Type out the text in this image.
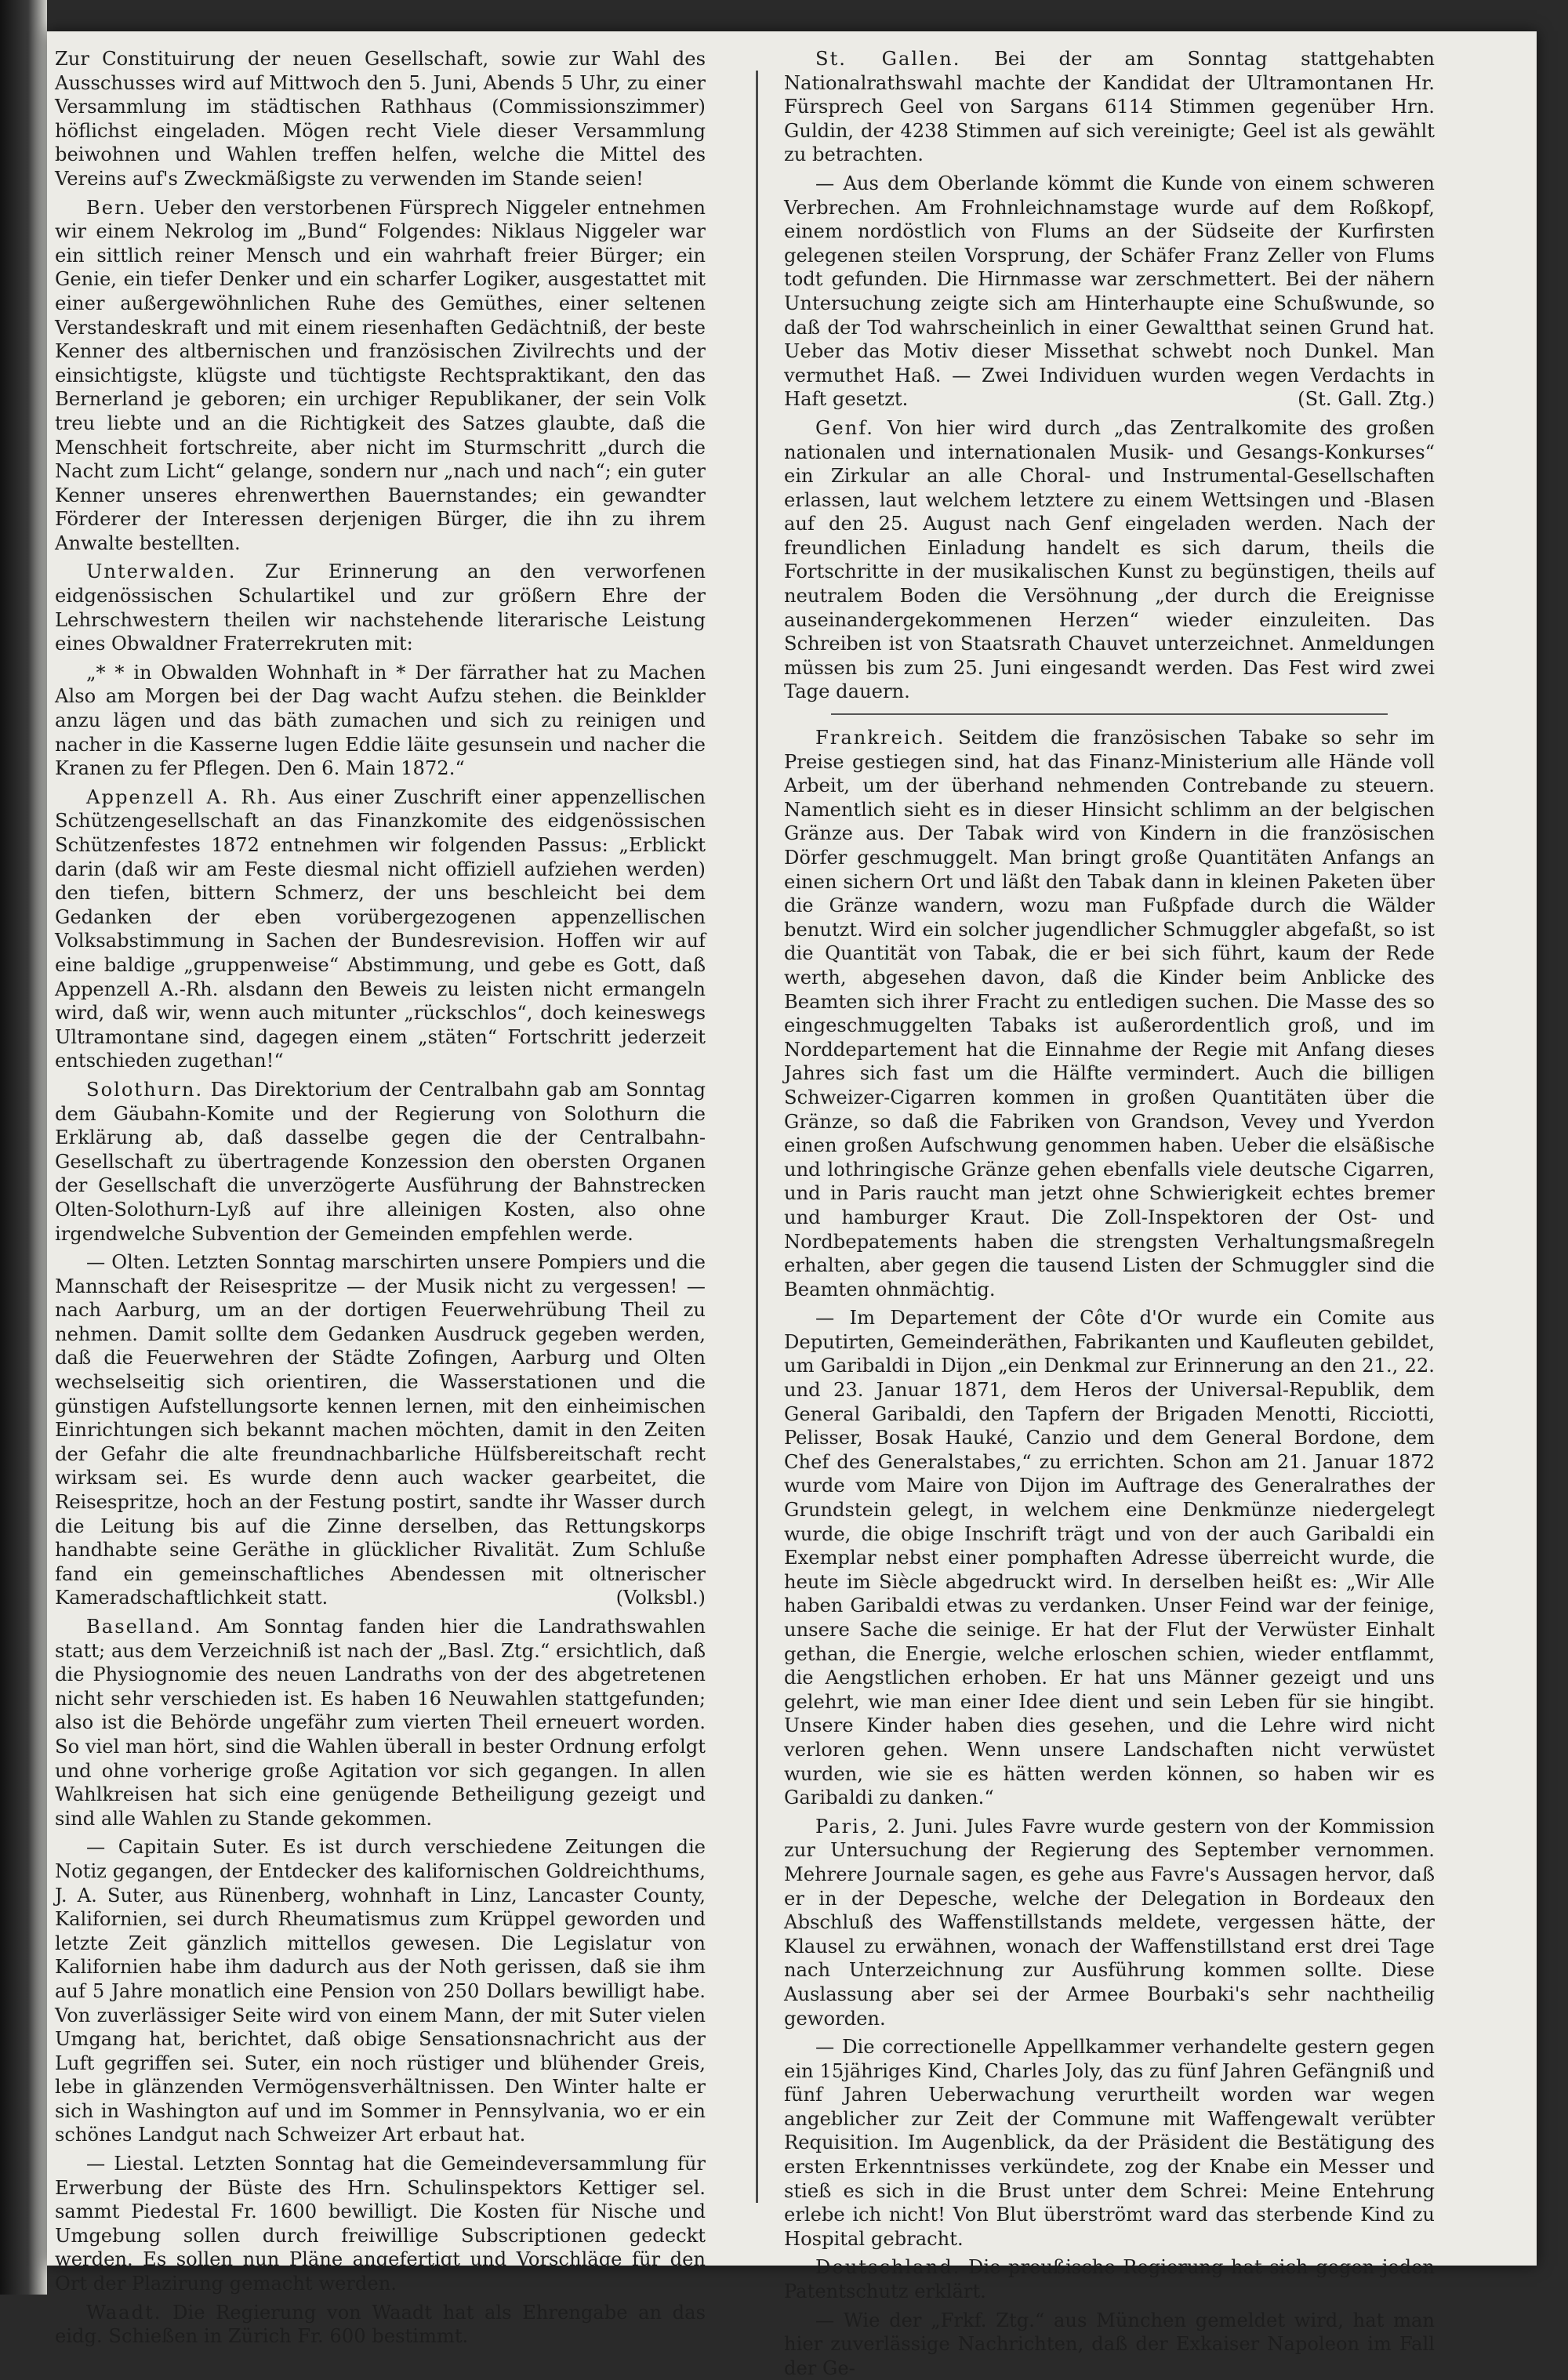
Zur Constituirung der neuen Gesellschaft, sowie zur Wahl des Ausschusses wird auf Mittwoch den 5. Juni, Abends 5 Uhr, zu einer Versammlung im städtischen Rathhaus (Commissionszimmer) höflichst eingeladen. Mögen recht Viele dieser Versammlung beiwohnen und Wahlen treffen helfen, welche die Mittel des Vereins auf's Zweckmäßigste zu verwenden im Stande seien!

Bern. Ueber den verstorbenen Fürsprech Niggeler entnehmen wir einem Nekrolog im „Bund“ Folgendes: Niklaus Niggeler war ein sittlich reiner Mensch und ein wahrhaft freier Bürger; ein Genie, ein tiefer Denker und ein scharfer Logiker, ausgestattet mit einer außergewöhnlichen Ruhe des Gemüthes, einer seltenen Verstandeskraft und mit einem riesenhaften Gedächtniß, der beste Kenner des altbernischen und französischen Zivilrechts und der einsichtigste, klügste und tüchtigste Rechtspraktikant, den das Bernerland je geboren; ein urchiger Republikaner, der sein Volk treu liebte und an die Richtigkeit des Satzes glaubte, daß die Menschheit fortschreite, aber nicht im Sturmschritt „durch die Nacht zum Licht“ gelange, sondern nur „nach und nach“; ein guter Kenner unseres ehrenwerthen Bauernstandes; ein gewandter Förderer der Interessen derjenigen Bürger, die ihn zu ihrem Anwalte bestellten.

Unterwalden. Zur Erinnerung an den verworfenen eidgenössischen Schulartikel und zur größern Ehre der Lehrschwestern theilen wir nachstehende literarische Leistung eines Obwaldner Fraterrekruten mit:

„* * in Obwalden Wohnhaft in * Der färrather hat zu Machen Also am Morgen bei der Dag wacht Aufzu stehen. die Beinklder anzu lägen und das bäth zumachen und sich zu reinigen und nacher in die Kasserne lugen Eddie läite gesunsein und nacher die Kranen zu fer Pflegen. Den 6. Main 1872.“

Appenzell A. Rh. Aus einer Zuschrift einer appenzellischen Schützengesellschaft an das Finanzkomite des eidgenössischen Schützenfestes 1872 entnehmen wir folgenden Passus: „Erblickt darin (daß wir am Feste diesmal nicht offiziell aufziehen werden) den tiefen, bittern Schmerz, der uns beschleicht bei dem Gedanken der eben vorübergezogenen appenzellischen Volksabstimmung in Sachen der Bundesrevision. Hoffen wir auf eine baldige „gruppenweise“ Abstimmung, und gebe es Gott, daß Appenzell A.-Rh. alsdann den Beweis zu leisten nicht ermangeln wird, daß wir, wenn auch mitunter „rückschlos“, doch keineswegs Ultramontane sind, dagegen einem „stäten“ Fortschritt jederzeit entschieden zugethan!“

Solothurn. Das Direktorium der Centralbahn gab am Sonntag dem Gäubahn-Komite und der Regierung von Solothurn die Erklärung ab, daß dasselbe gegen die der Centralbahn-Gesellschaft zu übertragende Konzession den obersten Organen der Gesellschaft die unverzögerte Ausführung der Bahnstrecken Olten-Solothurn-Lyß auf ihre alleinigen Kosten, also ohne irgendwelche Subvention der Gemeinden empfehlen werde.

— Olten. Letzten Sonntag marschirten unsere Pompiers und die Mannschaft der Reisespritze — der Musik nicht zu vergessen! — nach Aarburg, um an der dortigen Feuerwehrübung Theil zu nehmen. Damit sollte dem Gedanken Ausdruck gegeben werden, daß die Feuerwehren der Städte Zofingen, Aarburg und Olten wechselseitig sich orientiren, die Wasserstationen und die günstigen Aufstellungsorte kennen lernen, mit den einheimischen Einrichtungen sich bekannt machen möchten, damit in den Zeiten der Gefahr die alte freundnachbarliche Hülfsbereitschaft recht wirksam sei. Es wurde denn auch wacker gearbeitet, die Reisespritze, hoch an der Festung postirt, sandte ihr Wasser durch die Leitung bis auf die Zinne derselben, das Rettungskorps handhabte seine Geräthe in glücklicher Rivalität. Zum Schluße fand ein gemeinschaftliches Abendessen mit oltnerischer Kameradschaftlichkeit statt.	(Volksbl.)

Baselland. Am Sonntag fanden hier die Landrathswahlen statt; aus dem Verzeichniß ist nach der „Basl. Ztg.“ ersichtlich, daß die Physiognomie des neuen Landraths von der des abgetretenen nicht sehr verschieden ist. Es haben 16 Neuwahlen stattgefunden; also ist die Behörde ungefähr zum vierten Theil erneuert worden. So viel man hört, sind die Wahlen überall in bester Ordnung erfolgt und ohne vorherige große Agitation vor sich gegangen. In allen Wahlkreisen hat sich eine genügende Betheiligung gezeigt und sind alle Wahlen zu Stande gekommen.

— Capitain Suter. Es ist durch verschiedene Zeitungen die Notiz gegangen, der Entdecker des kalifornischen Goldreichthums, J. A. Suter, aus Rünenberg, wohnhaft in Linz, Lancaster County, Kalifornien, sei durch Rheumatismus zum Krüppel geworden und letzte Zeit gänzlich mittellos gewesen. Die Legislatur von Kalifornien habe ihm dadurch aus der Noth gerissen, daß sie ihm auf 5 Jahre monatlich eine Pension von 250 Dollars bewilligt habe. Von zuverlässiger Seite wird von einem Mann, der mit Suter vielen Umgang hat, berichtet, daß obige Sensationsnachricht aus der Luft gegriffen sei. Suter, ein noch rüstiger und blühender Greis, lebe in glänzenden Vermögensverhältnissen. Den Winter halte er sich in Washington auf und im Sommer in Pennsylvania, wo er ein schönes Landgut nach Schweizer Art erbaut hat.

— Liestal. Letzten Sonntag hat die Gemeindeversammlung für Erwerbung der Büste des Hrn. Schulinspektors Kettiger sel. sammt Piedestal Fr. 1600 bewilligt. Die Kosten für Nische und Umgebung sollen durch freiwillige Subscriptionen gedeckt werden. Es sollen nun Pläne angefertigt und Vorschläge für den Ort der Plazirung gemacht werden.

Waadt. Die Regierung von Waadt hat als Ehrengabe an das eidg. Schießen in Zürich Fr. 600 bestimmt.

St. Gallen. Bei der am Sonntag stattgehabten Nationalrathswahl machte der Kandidat der Ultramontanen Hr. Fürsprech Geel von Sargans 6114 Stimmen gegenüber Hrn. Guldin, der 4238 Stimmen auf sich vereinigte; Geel ist als gewählt zu betrachten.

— Aus dem Oberlande kömmt die Kunde von einem schweren Verbrechen. Am Frohnleichnamstage wurde auf dem Roßkopf, einem nordöstlich von Flums an der Südseite der Kurfirsten gelegenen steilen Vorsprung, der Schäfer Franz Zeller von Flums todt gefunden. Die Hirnmasse war zerschmettert. Bei der nähern Untersuchung zeigte sich am Hinterhaupte eine Schußwunde, so daß der Tod wahrscheinlich in einer Gewaltthat seinen Grund hat. Ueber das Motiv dieser Missethat schwebt noch Dunkel. Man vermuthet Haß. — Zwei Individuen wurden wegen Verdachts in Haft gesetzt.	(St. Gall. Ztg.)

Genf. Von hier wird durch „das Zentralkomite des großen nationalen und internationalen Musik- und Gesangs-Konkurses“ ein Zirkular an alle Choral- und Instrumental-Gesellschaften erlassen, laut welchem letztere zu einem Wettsingen und -Blasen auf den 25. August nach Genf eingeladen werden. Nach der freundlichen Einladung handelt es sich darum, theils die Fortschritte in der musikalischen Kunst zu begünstigen, theils auf neutralem Boden die Versöhnung „der durch die Ereignisse auseinandergekommenen Herzen“ wieder einzuleiten. Das Schreiben ist von Staatsrath Chauvet unterzeichnet. Anmeldungen müssen bis zum 25. Juni eingesandt werden. Das Fest wird zwei Tage dauern.

Frankreich. Seitdem die französischen Tabake so sehr im Preise gestiegen sind, hat das Finanz-Ministerium alle Hände voll Arbeit, um der überhand nehmenden Contrebande zu steuern. Namentlich sieht es in dieser Hinsicht schlimm an der belgischen Gränze aus. Der Tabak wird von Kindern in die französischen Dörfer geschmuggelt. Man bringt große Quantitäten Anfangs an einen sichern Ort und läßt den Tabak dann in kleinen Paketen über die Gränze wandern, wozu man Fußpfade durch die Wälder benutzt. Wird ein solcher jugendlicher Schmuggler abgefaßt, so ist die Quantität von Tabak, die er bei sich führt, kaum der Rede werth, abgesehen davon, daß die Kinder beim Anblicke des Beamten sich ihrer Fracht zu entledigen suchen. Die Masse des so eingeschmuggelten Tabaks ist außerordentlich groß, und im Norddepartement hat die Einnahme der Regie mit Anfang dieses Jahres sich fast um die Hälfte vermindert. Auch die billigen Schweizer-Cigarren kommen in großen Quantitäten über die Gränze, so daß die Fabriken von Grandson, Vevey und Yverdon einen großen Aufschwung genommen haben. Ueber die elsäßische und lothringische Gränze gehen ebenfalls viele deutsche Cigarren, und in Paris raucht man jetzt ohne Schwierigkeit echtes bremer und hamburger Kraut. Die Zoll-Inspektoren der Ost- und Nordbepatements haben die strengsten Verhaltungsmaßregeln erhalten, aber gegen die tausend Listen der Schmuggler sind die Beamten ohnmächtig.

— Im Departement der Côte d'Or wurde ein Comite aus Deputirten, Gemeinderäthen, Fabrikanten und Kaufleuten gebildet, um Garibaldi in Dijon „ein Denkmal zur Erinnerung an den 21., 22. und 23. Januar 1871, dem Heros der Universal-Republik, dem General Garibaldi, den Tapfern der Brigaden Menotti, Ricciotti, Pelisser, Bosak Hauké, Canzio und dem General Bordone, dem Chef des Generalstabes,“ zu errichten. Schon am 21. Januar 1872 wurde vom Maire von Dijon im Auftrage des Generalrathes der Grundstein gelegt, in welchem eine Denkmünze niedergelegt wurde, die obige Inschrift trägt und von der auch Garibaldi ein Exemplar nebst einer pomphaften Adresse überreicht wurde, die heute im Siècle abgedruckt wird. In derselben heißt es: „Wir Alle haben Garibaldi etwas zu verdanken. Unser Feind war der feinige, unsere Sache die seinige. Er hat der Flut der Verwüster Einhalt gethan, die Energie, welche erloschen schien, wieder entflammt, die Aengstlichen erhoben. Er hat uns Männer gezeigt und uns gelehrt, wie man einer Idee dient und sein Leben für sie hingibt. Unsere Kinder haben dies gesehen, und die Lehre wird nicht verloren gehen. Wenn unsere Landschaften nicht verwüstet wurden, wie sie es hätten werden können, so haben wir es Garibaldi zu danken.“

Paris, 2. Juni. Jules Favre wurde gestern von der Kommission zur Untersuchung der Regierung des September vernommen. Mehrere Journale sagen, es gehe aus Favre's Aussagen hervor, daß er in der Depesche, welche der Delegation in Bordeaux den Abschluß des Waffenstillstands meldete, vergessen hätte, der Klausel zu erwähnen, wonach der Waffenstillstand erst drei Tage nach Unterzeichnung zur Ausführung kommen sollte. Diese Auslassung aber sei der Armee Bourbaki's sehr nachtheilig geworden.

— Die correctionelle Appellkammer verhandelte gestern gegen ein 15jähriges Kind, Charles Joly, das zu fünf Jahren Gefängniß und fünf Jahren Ueberwachung verurtheilt worden war wegen angeblicher zur Zeit der Commune mit Waffengewalt verübter Requisition. Im Augenblick, da der Präsident die Bestätigung des ersten Erkenntnisses verkündete, zog der Knabe ein Messer und stieß es sich in die Brust unter dem Schrei: Meine Entehrung erlebe ich nicht! Von Blut überströmt ward das sterbende Kind zu Hospital gebracht.

Deutschland. Die preußische Regierung hat sich gegen jeden Patentschutz erklärt.

— Wie der „Frkf. Ztg.“ aus München gemeldet wird, hat man hier zuverlässige Nachrichten, daß der Exkaiser Napoleon im Fall der Ge-
